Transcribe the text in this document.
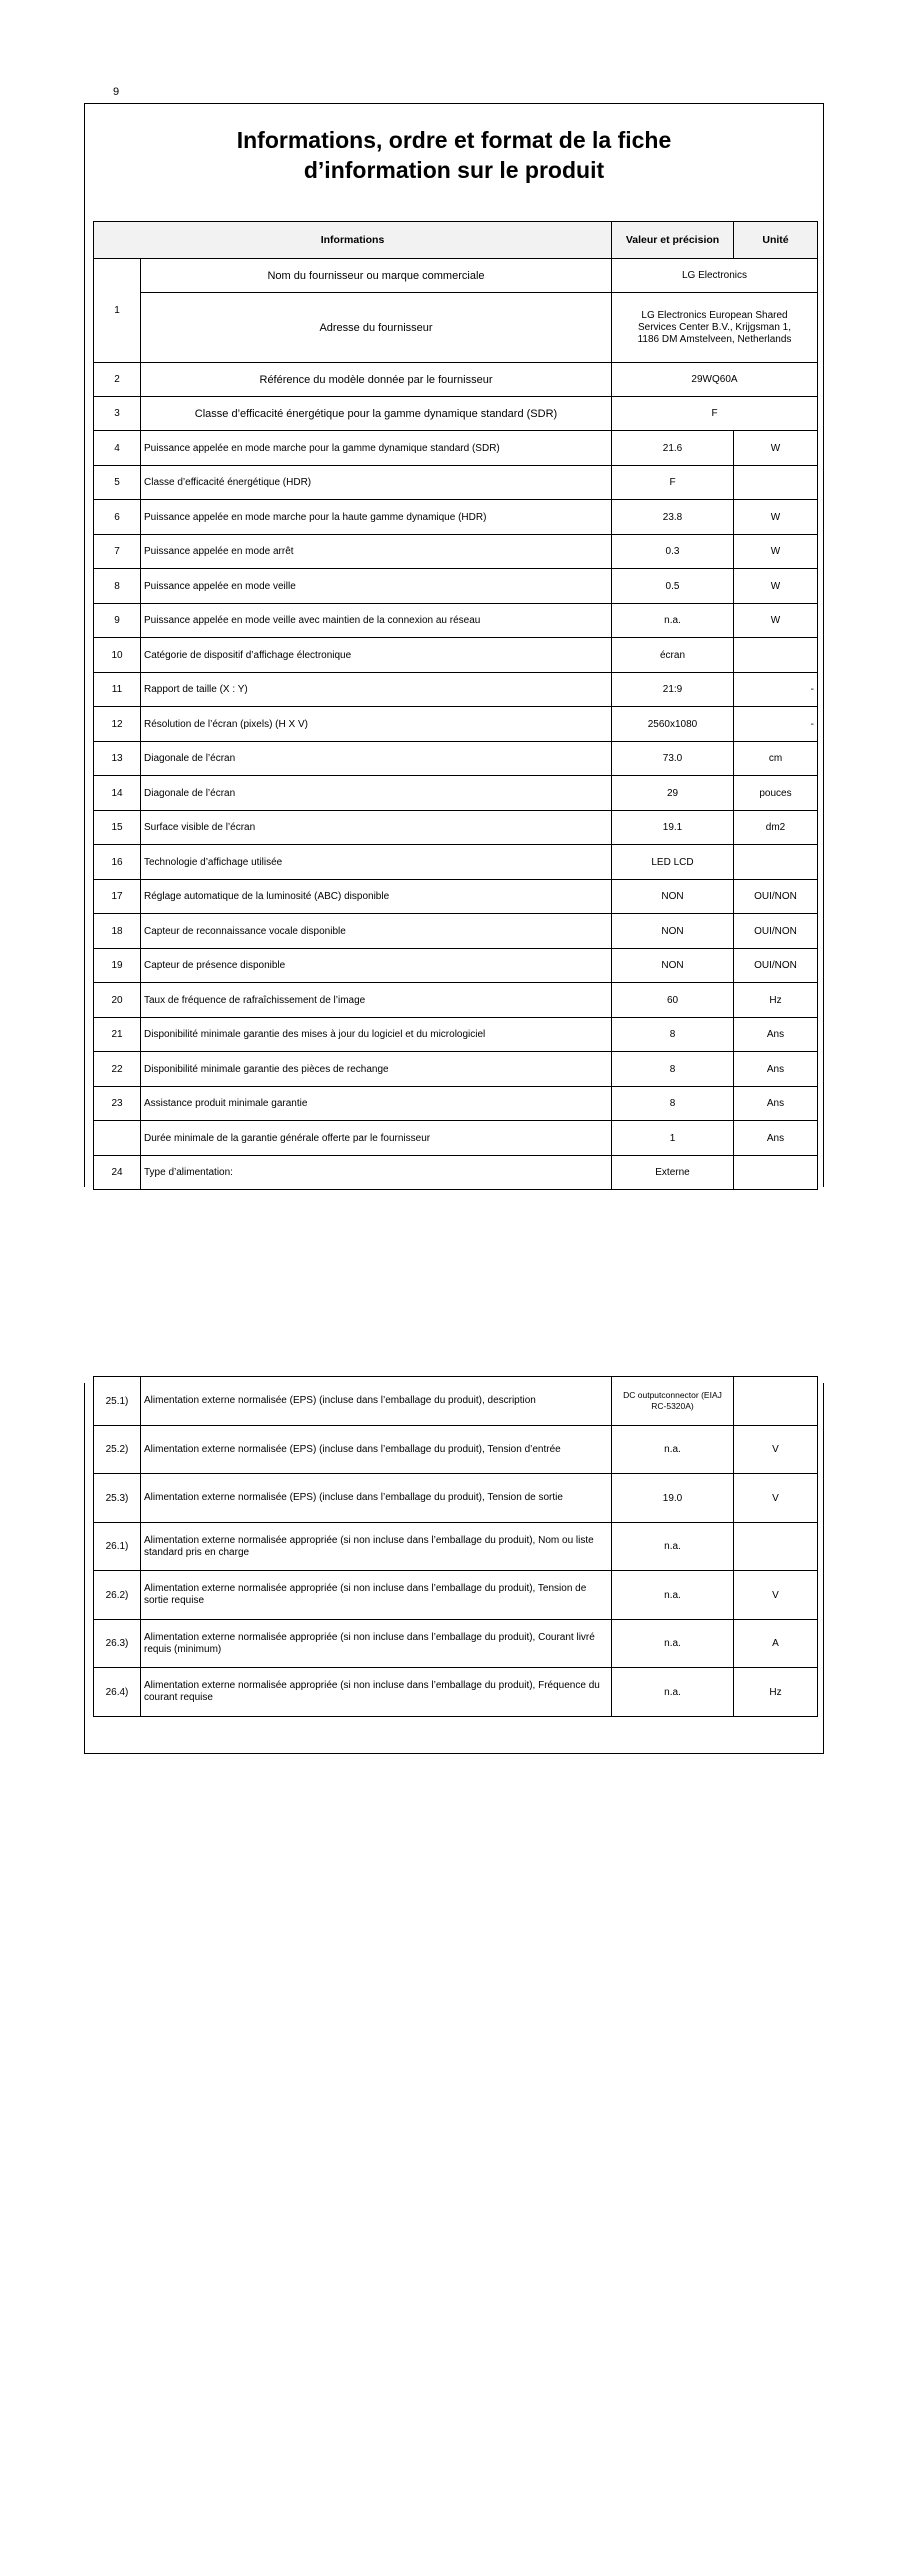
9
Informations, ordre et format de la fiche
d’information sur le produit
Informations		Valeur et précision	Unité
1	Nom du fournisseur ou marque commerciale	LG Electronics	
	Adresse du fournisseur	LG Electronics European Shared Services Center B.V., Krijgsman 1, 1186 DM Amstelveen, Netherlands	
2	Référence du modèle donnée par le fournisseur	29WQ60A	
3	Classe d’efficacité énergétique pour la gamme dynamique standard (SDR)	F	
4	Puissance appelée en mode marche pour la gamme dynamique standard (SDR)	21.6	W
5	Classe d’efficacité énergétique (HDR)	F	
6	Puissance appelée en mode marche pour la haute gamme dynamique (HDR)	23.8	W
7	Puissance appelée en mode arrêt	0.3	W
8	Puissance appelée en mode veille	0.5	W
9	Puissance appelée en mode veille avec maintien de la connexion au réseau	n.a.	W
10	Catégorie de dispositif d’affichage électronique	écran	
11	Rapport de taille (X : Y)	21:9	-
12	Résolution de l’écran (pixels) (H X V)	2560x1080	-
13	Diagonale de l’écran	73.0	cm
14	Diagonale de l’écran	29	pouces
15	Surface visible de l’écran	19.1	dm2
16	Technologie d’affichage utilisée	LED LCD	
17	Réglage automatique de la luminosité (ABC) disponible	NON	OUI/NON
18	Capteur de reconnaissance vocale disponible	NON	OUI/NON
19	Capteur de présence disponible	NON	OUI/NON
20	Taux de fréquence de rafraîchissement de l’image	60	Hz
21	Disponibilité minimale garantie des mises à jour du logiciel et du micrologiciel	8	Ans
22	Disponibilité minimale garantie des pièces de rechange	8	Ans
23	Assistance produit minimale garantie	8	Ans
	Durée minimale de la garantie générale offerte par le fournisseur	1	Ans
24	Type d’alimentation:	Externe	
25.1)	Alimentation externe normalisée (EPS) (incluse dans l’emballage du produit), description	DC outputconnector (EIAJ RC-5320A)	
25.2)	Alimentation externe normalisée (EPS) (incluse dans l’emballage du produit), Tension d’entrée	n.a.	V
25.3)	Alimentation externe normalisée (EPS) (incluse dans l’emballage du produit), Tension de sortie	19.0	V
26.1)	Alimentation externe normalisée appropriée (si non incluse dans l’emballage du produit), Nom ou liste standard pris en charge	n.a.	
26.2)	Alimentation externe normalisée appropriée (si non incluse dans l’emballage du produit), Tension de sortie requise	n.a.	V
26.3)	Alimentation externe normalisée appropriée (si non incluse dans l’emballage du produit), Courant livré requis (minimum)	n.a.	A
26.4)	Alimentation externe normalisée appropriée (si non incluse dans l’emballage du produit), Fréquence du courant requise	n.a.	Hz
